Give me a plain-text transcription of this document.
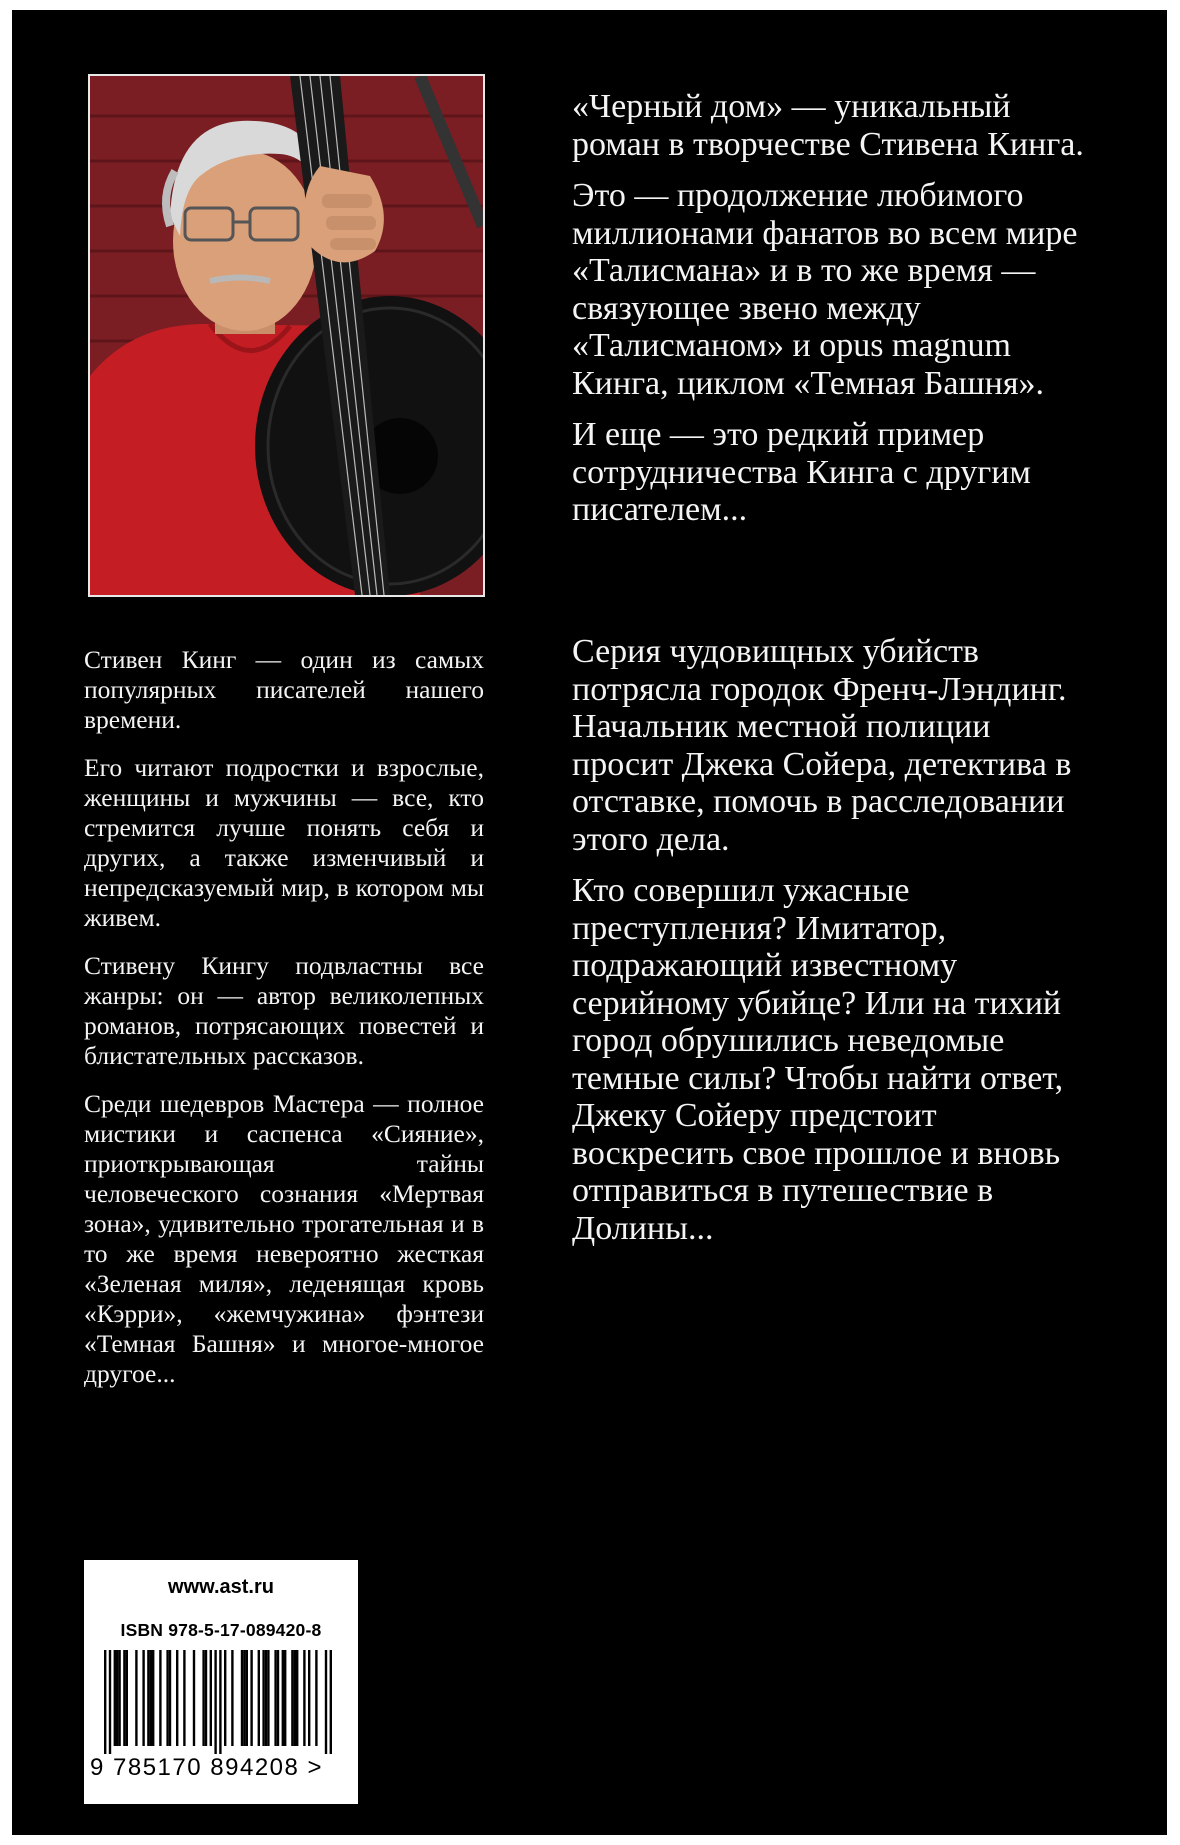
Стивен Кинг — один из самых популярных писателей нашего времени.

Его читают подростки и взрослые, женщины и мужчины — все, кто стремится лучше понять себя и других, а также изменчивый и непредсказуемый мир, в котором мы живем.

Стивену Кингу подвластны все жанры: он — автор великолепных романов, потрясающих повестей и блистательных рассказов.

Среди шедевров Мастера — полное мистики и саспенса «Сияние», приоткрывающая тайны человеческого сознания «Мертвая зона», удивительно трогательная и в то же время невероятно жесткая «Зеленая миля», леденящая кровь «Кэрри», «жемчужина» фэнтези «Темная Башня» и многое-многое другое...

«Черный дом» — уникальный роман в творчестве Стивена Кинга.

Это — продолжение любимого миллионами фанатов во всем мире «Талисмана» и в то же время — связующее звено между «Талисманом» и opus magnum Кинга, циклом «Темная Башня».

И еще — это редкий пример сотрудничества Кинга с другим писателем...

Серия чудовищных убийств потрясла городок Френч-Лэндинг. Начальник местной полиции просит Джека Сойера, детектива в отставке, помочь в расследовании этого дела.

Кто совершил ужасные преступления? Имитатор, подражающий известному серийному убийце? Или на тихий город обрушились неведомые темные силы? Чтобы найти ответ, Джеку Сойеру предстоит воскресить свое прошлое и вновь отправиться в путешествие в Долины...

www.ast.ru
ISBN 978-5-17-089420-8
9 785170 894208 >
